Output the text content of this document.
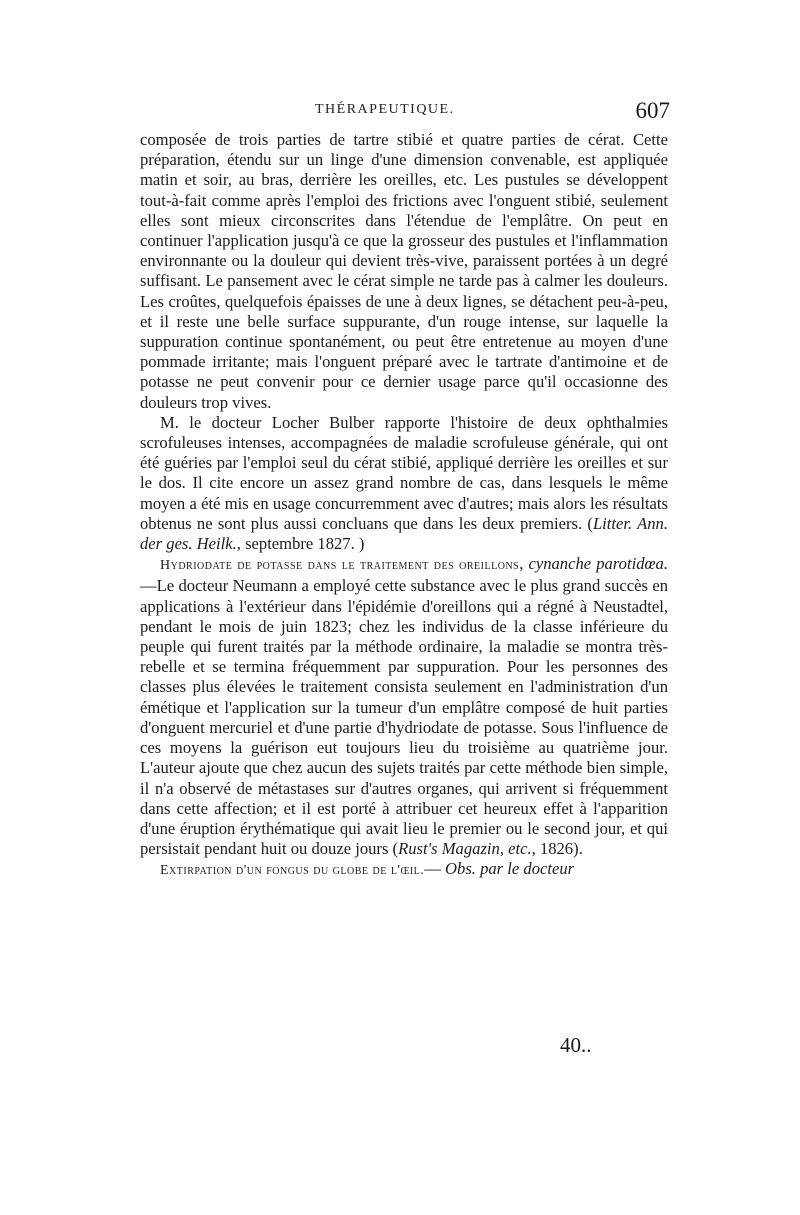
THÉRAPEUTIQUE.	607

composée de trois parties de tartre stibié et quatre parties de cérat. Cette préparation, étendu sur un linge d'une dimension convenable, est appliquée matin et soir, au bras, derrière les oreilles, etc. Les pustules se développent tout-à-fait comme après l'emploi des frictions avec l'onguent stibié, seulement elles sont mieux circonscrites dans l'étendue de l'emplâtre. On peut en continuer l'application jusqu'à ce que la grosseur des pustules et l'inflammation environnante ou la douleur qui devient très-vive, paraissent portées à un degré suffisant. Le pansement avec le cérat simple ne tarde pas à calmer les douleurs. Les croûtes, quelquefois épaisses de une à deux lignes, se détachent peu-à-peu, et il reste une belle surface suppurante, d'un rouge intense, sur laquelle la suppuration continue spontanément, ou peut être entretenue au moyen d'une pommade irritante; mais l'onguent préparé avec le tartrate d'antimoine et de potasse ne peut convenir pour ce dernier usage parce qu'il occasionne des douleurs trop vives.

M. le docteur Locher Bulber rapporte l'histoire de deux ophthalmies scrofuleuses intenses, accompagnées de maladie scrofuleuse générale, qui ont été guéries par l'emploi seul du cérat stibié, appliqué derrière les oreilles et sur le dos. Il cite encore un assez grand nombre de cas, dans lesquels le même moyen a été mis en usage concurremment avec d'autres; mais alors les résultats obtenus ne sont plus aussi concluans que dans les deux premiers. (Litter. Ann. der ges. Heilk., septembre 1827. )

Hydriodate de potasse dans le traitement des oreillons, cynanche parotidœa.—Le docteur Neumann a employé cette substance avec le plus grand succès en applications à l'extérieur dans l'épidémie d'oreillons qui a régné à Neustadtel, pendant le mois de juin 1823; chez les individus de la classe inférieure du peuple qui furent traités par la méthode ordinaire, la maladie se montra très-rebelle et se termina fréquemment par suppuration. Pour les personnes des classes plus élevées le traitement consista seulement en l'administration d'un émétique et l'application sur la tumeur d'un emplâtre composé de huit parties d'onguent mercuriel et d'une partie d'hydriodate de potasse. Sous l'influence de ces moyens la guérison eut toujours lieu du troisième au quatrième jour. L'auteur ajoute que chez aucun des sujets traités par cette méthode bien simple, il n'a observé de métastases sur d'autres organes, qui arrivent si fréquemment dans cette affection; et il est porté à attribuer cet heureux effet à l'apparition d'une éruption érythématique qui avait lieu le premier ou le second jour, et qui persistait pendant huit ou douze jours (Rust's Magazin, etc., 1826).

Extirpation d'un fongus du globe de l'œil.— Obs. par le docteur

40..
